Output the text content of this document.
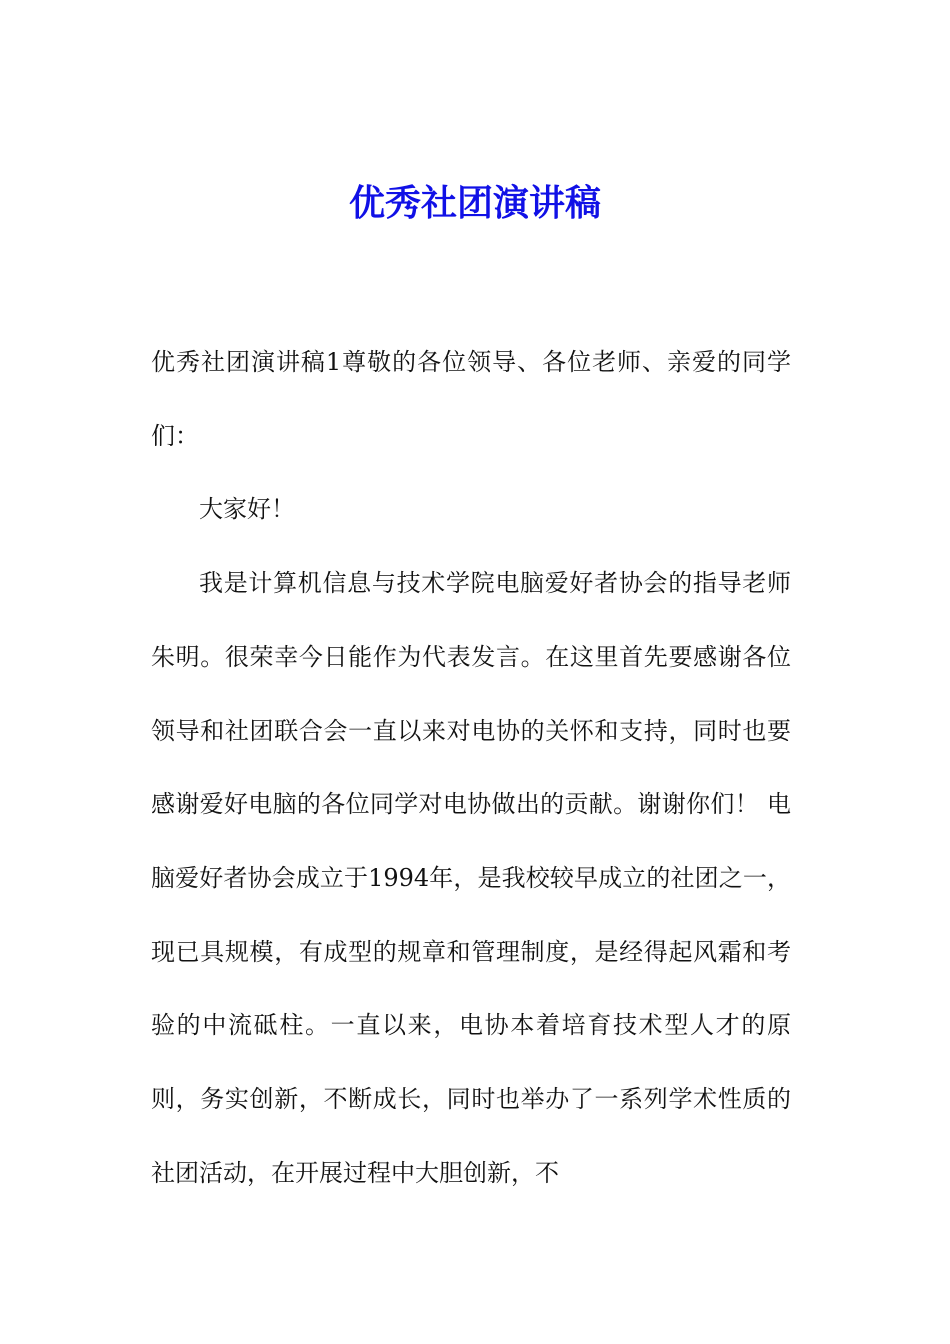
优秀社团演讲稿

优秀社团演讲稿1尊敬的各位领导、各位老师、亲爱的同学们：

大家好！

我是计算机信息与技术学院电脑爱好者协会的指导老师朱明。很荣幸今日能作为代表发言。在这里首先要感谢各位领导和社团联合会一直以来对电协的关怀和支持，同时也要感谢爱好电脑的各位同学对电协做出的贡献。谢谢你们！ 电脑爱好者协会成立于1994年，是我校较早成立的社团之一，现已具规模，有成型的规章和管理制度，是经得起风霜和考验的中流砥柱。一直以来，电协本着培育技术型人才的原则，务实创新，不断成长，同时也举办了一系列学术性质的社团活动，在开展过程中大胆创新，不
